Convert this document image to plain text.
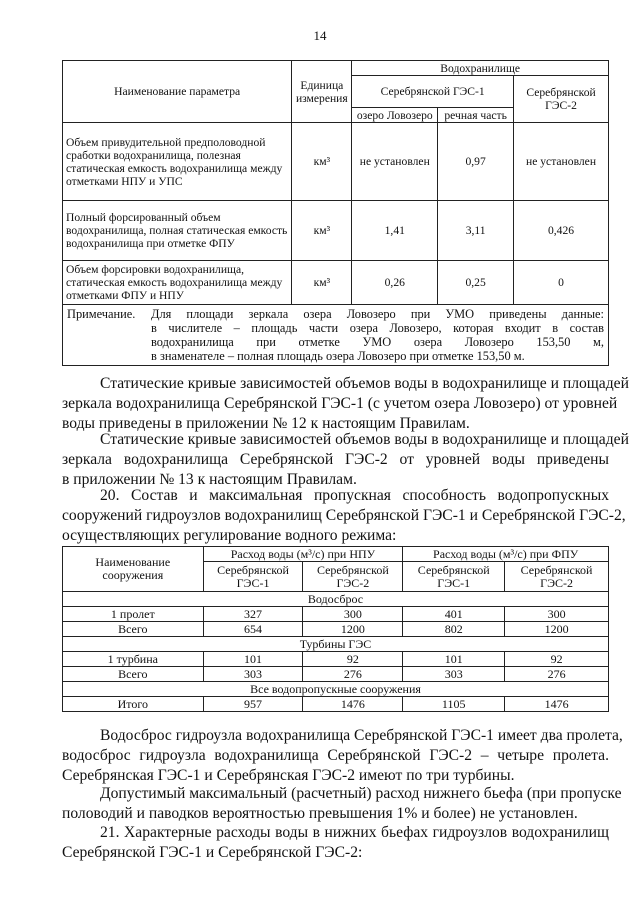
14
Наименование параметра	Единица измерения	Водохранилище		
		Серебрянской ГЭС-1		Серебрянской ГЭС-2
		озеро Ловозеро	речная часть	
Объем привудительной предполоводной сработки водохранилища, полезная статическая емкость водохранилища между отметками НПУ и УПС	км³	не установлен	0,97	не установлен
Полный форсированный объем водохранилища, полная статическая емкость водохранилища при отметке ФПУ	км³	1,41	3,11	0,426
Объем форсировки водохранилища, статическая емкость водохранилища между отметками ФПУ и НПУ	км³	0,26	0,25	0

Примечание. Для площади зеркала озера Ловозеро при УМО приведены данные:
в числителе – площадь части озера Ловозеро, которая входит в состав
водохранилища при отметке УМО озера Ловозеро 153,50 м,
в знаменателе – полная площадь озера Ловозеро при отметке 153,50 м.				
Статические кривые зависимостей объемов воды в водохранилище и площадей
зеркала водохранилища Серебрянской ГЭС-1 (с учетом озера Ловозеро) от уровней
воды приведены в приложении № 12 к настоящим Правилам.
Статические кривые зависимостей объемов воды в водохранилище и площадей
зеркала водохранилища Серебрянской ГЭС-2 от уровней воды приведены
в приложении № 13 к настоящим Правилам.
20. Состав и максимальная пропускная способность водопропускных
сооружений гидроузлов водохранилищ Серебрянской ГЭС-1 и Серебрянской ГЭС-2,
осуществляющих регулирование водного режима:
Наименование сооружения	Расход воды (м³/с) при НПУ		Расход воды (м³/с) при ФПУ	
	Серебрянской ГЭС-1	Серебрянской ГЭС-2	Серебрянской ГЭС-1	Серебрянской ГЭС-2
Водосброс				
1 пролет	327	300	401	300
Всего	654	1200	802	1200
Турбины ГЭС				
1 турбина	101	92	101	92
Всего	303	276	303	276
Все водопропускные сооружения				
Итого	957	1476	1105	1476
Водосброс гидроузла водохранилища Серебрянской ГЭС-1 имеет два пролета,
водосброс гидроузла водохранилища Серебрянской ГЭС-2 – четыре пролета.
Серебрянская ГЭС-1 и Серебрянская ГЭС-2 имеют по три турбины.
Допустимый максимальный (расчетный) расход нижнего бьефа (при пропуске
половодий и паводков вероятностью превышения 1% и более) не установлен.
21. Характерные расходы воды в нижних бьефах гидроузлов водохранилищ
Серебрянской ГЭС-1 и Серебрянской ГЭС-2:
